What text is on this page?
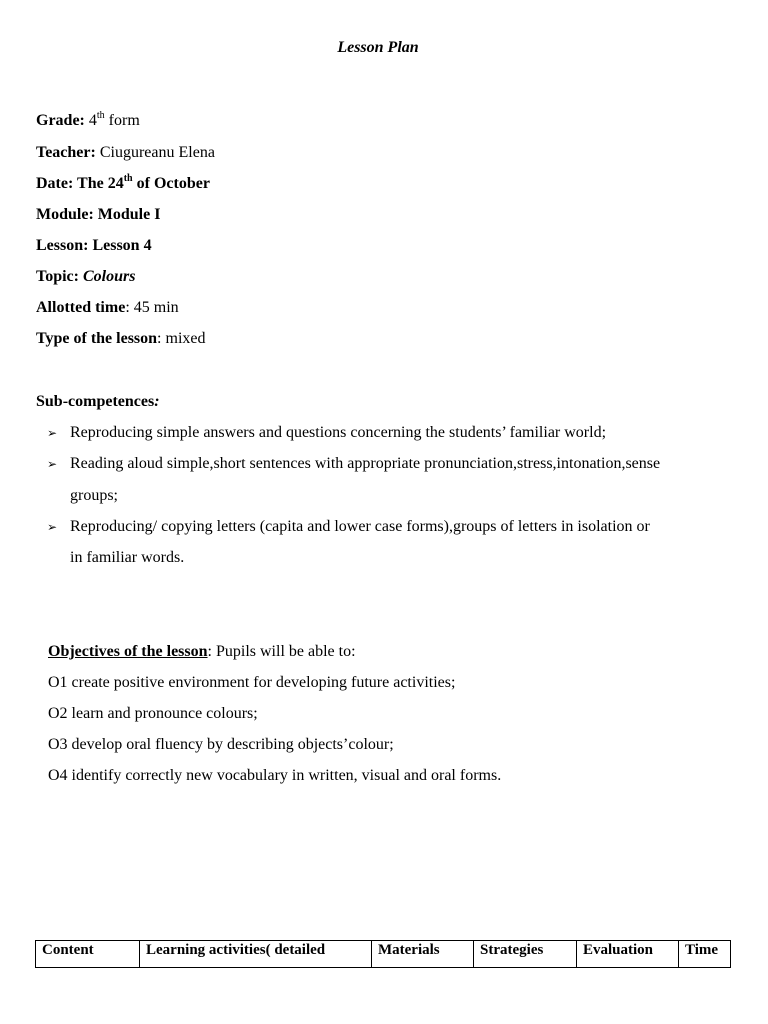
Lesson Plan
Grade: 4th form
Teacher: Ciugureanu Elena
Date: The 24th of October
Module: Module I
Lesson: Lesson 4
Topic: Colours
Allotted time: 45 min
Type of the lesson: mixed
Sub-competences:
➢ Reproducing simple answers and questions concerning the students’ familiar world;
➢ Reading aloud simple,short sentences with appropriate pronunciation,stress,intonation,sense
groups;
➢ Reproducing/ copying letters (capita and lower case forms),groups of letters in isolation or
in familiar words.
Objectives of the lesson: Pupils will be able to:
O1 create positive environment for developing future activities;
O2 learn and pronounce colours;
O3 develop oral fluency by describing objects’colour;
O4 identify correctly new vocabulary in written, visual and oral forms.
Content	Learning activities( detailed	Materials	Strategies	Evaluation	Time
